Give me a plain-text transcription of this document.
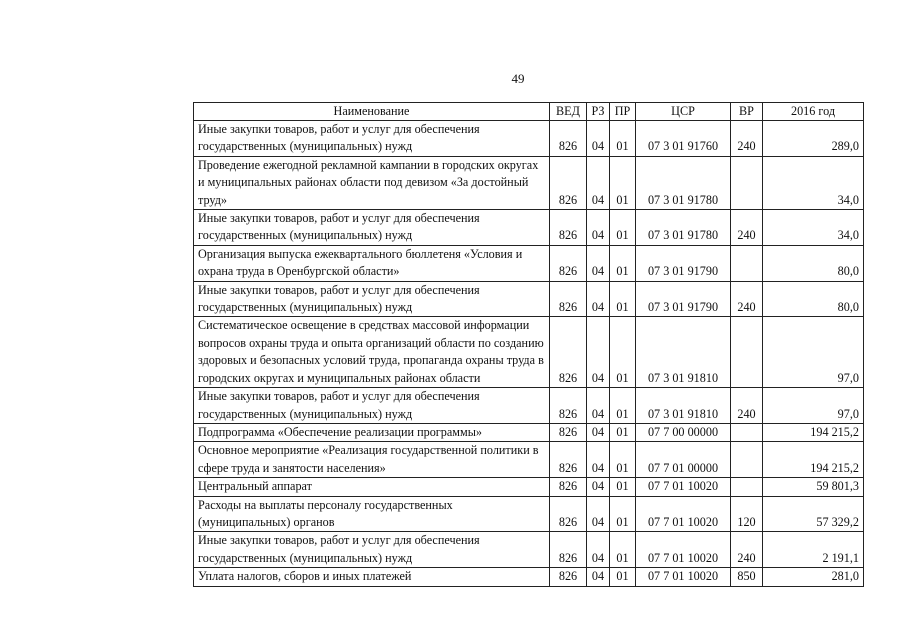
49
Наименование	ВЕД	РЗ	ПР	ЦСР	ВР	2016 год
Иные закупки товаров, работ и услуг для обеспечения государственных (муниципальных) нужд	826	04	01	07 3 01 91760	240	289,0
Проведение ежегодной рекламной кампании в городских округах и муниципальных районах области под девизом «За достойный труд»	826	04	01	07 3 01 91780		34,0
Иные закупки товаров, работ и услуг для обеспечения государственных (муниципальных) нужд	826	04	01	07 3 01 91780	240	34,0
Организация выпуска ежеквартального бюллетеня «Условия и охрана труда в Оренбургской области»	826	04	01	07 3 01 91790		80,0
Иные закупки товаров, работ и услуг для обеспечения государственных (муниципальных) нужд	826	04	01	07 3 01 91790	240	80,0
Систематическое освещение в средствах массовой информации вопросов охраны труда и опыта организаций области по созданию здоровых и безопасных условий труда, пропаганда охраны труда в городских округах и муниципальных районах области	826	04	01	07 3 01 91810		97,0
Иные закупки товаров, работ и услуг для обеспечения государственных (муниципальных) нужд	826	04	01	07 3 01 91810	240	97,0
Подпрограмма «Обеспечение реализации программы»	826	04	01	07 7 00 00000		194 215,2
Основное мероприятие «Реализация государственной политики в сфере труда и занятости населения»	826	04	01	07 7 01 00000		194 215,2
Центральный аппарат	826	04	01	07 7 01 10020		59 801,3
Расходы на выплаты персоналу государственных (муниципальных) органов	826	04	01	07 7 01 10020	120	57 329,2
Иные закупки товаров, работ и услуг для обеспечения государственных (муниципальных) нужд	826	04	01	07 7 01 10020	240	2 191,1
Уплата налогов, сборов и иных платежей	826	04	01	07 7 01 10020	850	281,0
